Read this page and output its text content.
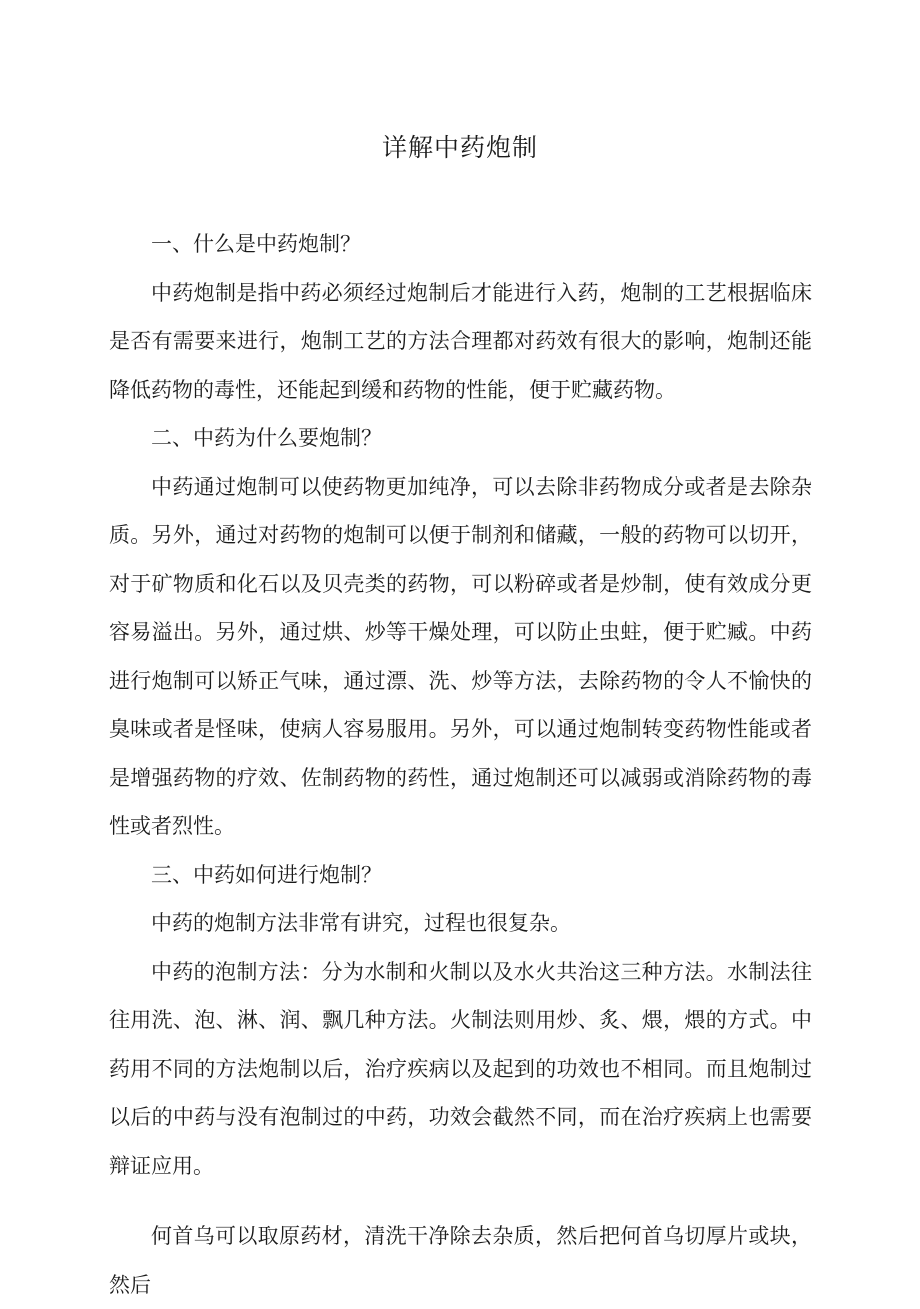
详解中药炮制

一、什么是中药炮制？

中药炮制是指中药必须经过炮制后才能进行入药，炮制的工艺根据临床是否有需要来进行，炮制工艺的方法合理都对药效有很大的影响，炮制还能降低药物的毒性，还能起到缓和药物的性能，便于贮藏药物。

二、中药为什么要炮制？

中药通过炮制可以使药物更加纯净，可以去除非药物成分或者是去除杂质。另外，通过对药物的炮制可以便于制剂和储藏，一般的药物可以切开，对于矿物质和化石以及贝壳类的药物，可以粉碎或者是炒制，使有效成分更容易溢出。另外，通过烘、炒等干燥处理，可以防止虫蛀，便于贮臧。中药进行炮制可以矫正气味，通过漂、洗、炒等方法，去除药物的令人不愉快的臭味或者是怪味，使病人容易服用。另外，可以通过炮制转变药物性能或者是增强药物的疗效、佐制药物的药性，通过炮制还可以减弱或消除药物的毒性或者烈性。

三、中药如何进行炮制？

中药的炮制方法非常有讲究，过程也很复杂。

中药的泡制方法：分为水制和火制以及水火共治这三种方法。水制法往往用洗、泡、淋、润、飘几种方法。火制法则用炒、炙、煨，煨的方式。中药用不同的方法炮制以后，治疗疾病以及起到的功效也不相同。而且炮制过以后的中药与没有泡制过的中药，功效会截然不同，而在治疗疾病上也需要辩证应用。

何首乌可以取原药材，清洗干净除去杂质，然后把何首乌切厚片或块，然后
